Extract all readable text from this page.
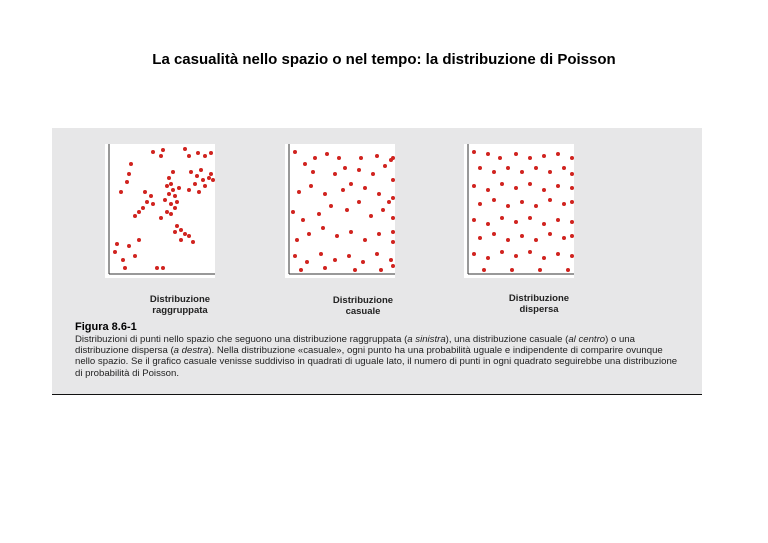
La casualità nello spazio o nel tempo: la distribuzione di Poisson
Distribuzione
raggruppata
Distribuzione
casuale
Distribuzione
dispersa
Figura 8.6-1
Distribuzioni di punti nello spazio che seguono una distribuzione raggruppata (a sinistra), una distribuzione casuale (al centro) o una distribuzione dispersa (a destra). Nella distribuzione «casuale», ogni punto ha una probabilità uguale e indipendente di comparire ovunque nello spazio. Se il grafico casuale venisse suddiviso in quadrati di uguale lato, il numero di punti in ogni quadrato seguirebbe una distribuzione di probabilità di Poisson.
